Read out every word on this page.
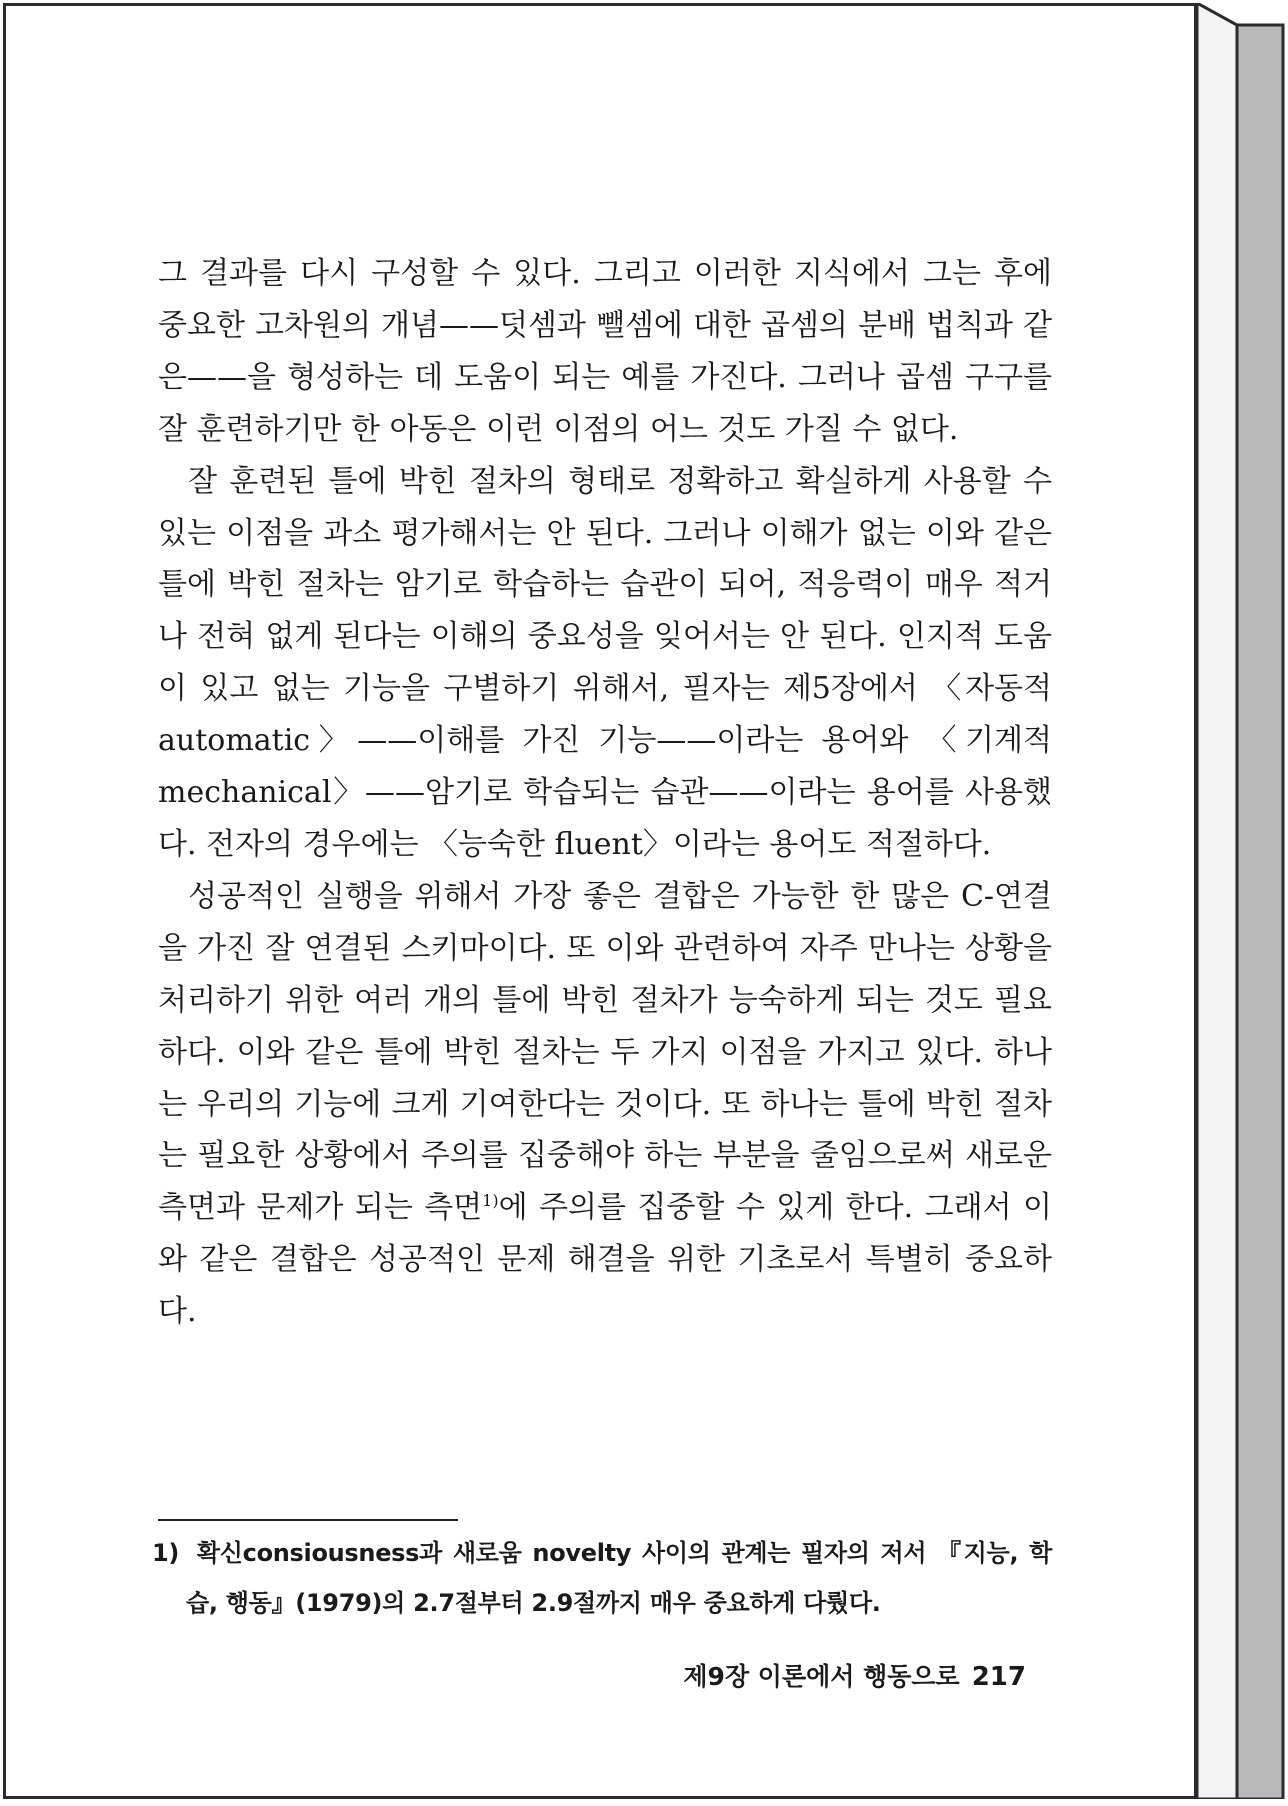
그 결과를 다시 구성할 수 있다. 그리고 이러한 지식에서 그는 후에 중요한 고차원의 개념——덧셈과 뺄셈에 대한 곱셈의 분배 법칙과 같은——을 형성하는 데 도움이 되는 예를 가진다. 그러나 곱셈 구구를 잘 훈련하기만 한 아동은 이런 이점의 어느 것도 가질 수 없다.

잘 훈련된 틀에 박힌 절차의 형태로 정확하고 확실하게 사용할 수 있는 이점을 과소 평가해서는 안 된다. 그러나 이해가 없는 이와 같은 틀에 박힌 절차는 암기로 학습하는 습관이 되어, 적응력이 매우 적거나 전혀 없게 된다는 이해의 중요성을 잊어서는 안 된다. 인지적 도움이 있고 없는 기능을 구별하기 위해서, 필자는 제5장에서 〈자동적 automatic〉——이해를 가진 기능——이라는 용어와 〈기계적 mechanical〉——암기로 학습되는 습관——이라는 용어를 사용했다. 전자의 경우에는 〈능숙한 fluent〉이라는 용어도 적절하다.

성공적인 실행을 위해서 가장 좋은 결합은 가능한 한 많은 C-연결을 가진 잘 연결된 스키마이다. 또 이와 관련하여 자주 만나는 상황을 처리하기 위한 여러 개의 틀에 박힌 절차가 능숙하게 되는 것도 필요하다. 이와 같은 틀에 박힌 절차는 두 가지 이점을 가지고 있다. 하나는 우리의 기능에 크게 기여한다는 것이다. 또 하나는 틀에 박힌 절차는 필요한 상황에서 주의를 집중해야 하는 부분을 줄임으로써 새로운 측면과 문제가 되는 측면$^{1)}$에 주의를 집중할 수 있게 한다. 그래서 이와 같은 결합은 성공적인 문제 해결을 위한 기초로서 특별히 중요하다.

1) 확신consiousness과 새로움 novelty 사이의 관계는 필자의 저서 『지능, 학습, 행동』(1979)의 2.7절부터 2.9절까지 매우 중요하게 다뤘다.
제9장 이론에서 행동으로 217
